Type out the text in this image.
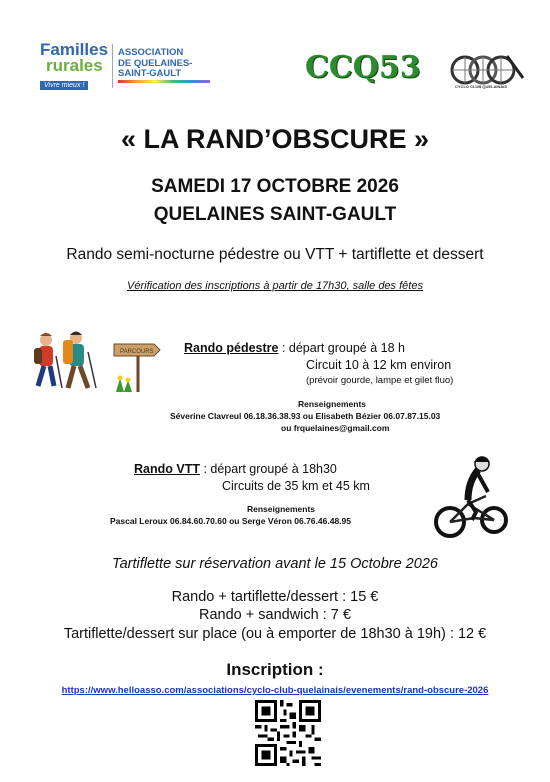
Familles
rurales
Vivre mieux !
ASSOCIATION
DE QUELAINES-
SAINT-GAULT	CCQ53
CYCLO CLUB QUELAINAIS
« LA RAND’OBSCURE »
SAMEDI 17 OCTOBRE 2026
QUELAINES SAINT-GAULT
Rando semi-nocturne pédestre ou VTT + tartiflette et dessert
Vérification des inscriptions à partir de 17h30, salle des fêtes
PARCOURS Rando pédestre : départ groupé à 18 h
Circuit 10 à 12 km environ
(prévoir gourde, lampe et gilet fluo)
Renseignements
Séverine Clavreul 06.18.36.38.93 ou Elisabeth Bézier 06.07.87.15.03
ou frquelaines@gmail.com
Rando VTT : départ groupé à 18h30
Circuits de 35 km et 45 km
Renseignements
Pascal Leroux 06.84.60.70.60 ou Serge Véron 06.76.46.48.95
Tartiflette sur réservation avant le 15 Octobre 2026
Rando + tartiflette/dessert : 15 €
Rando + sandwich : 7 €
Tartiflette/dessert sur place (ou à emporter de 18h30 à 19h) : 12 €
Inscription :
https://www.helloasso.com/associations/cyclo-club-quelainais/evenements/rand-obscure-2026
